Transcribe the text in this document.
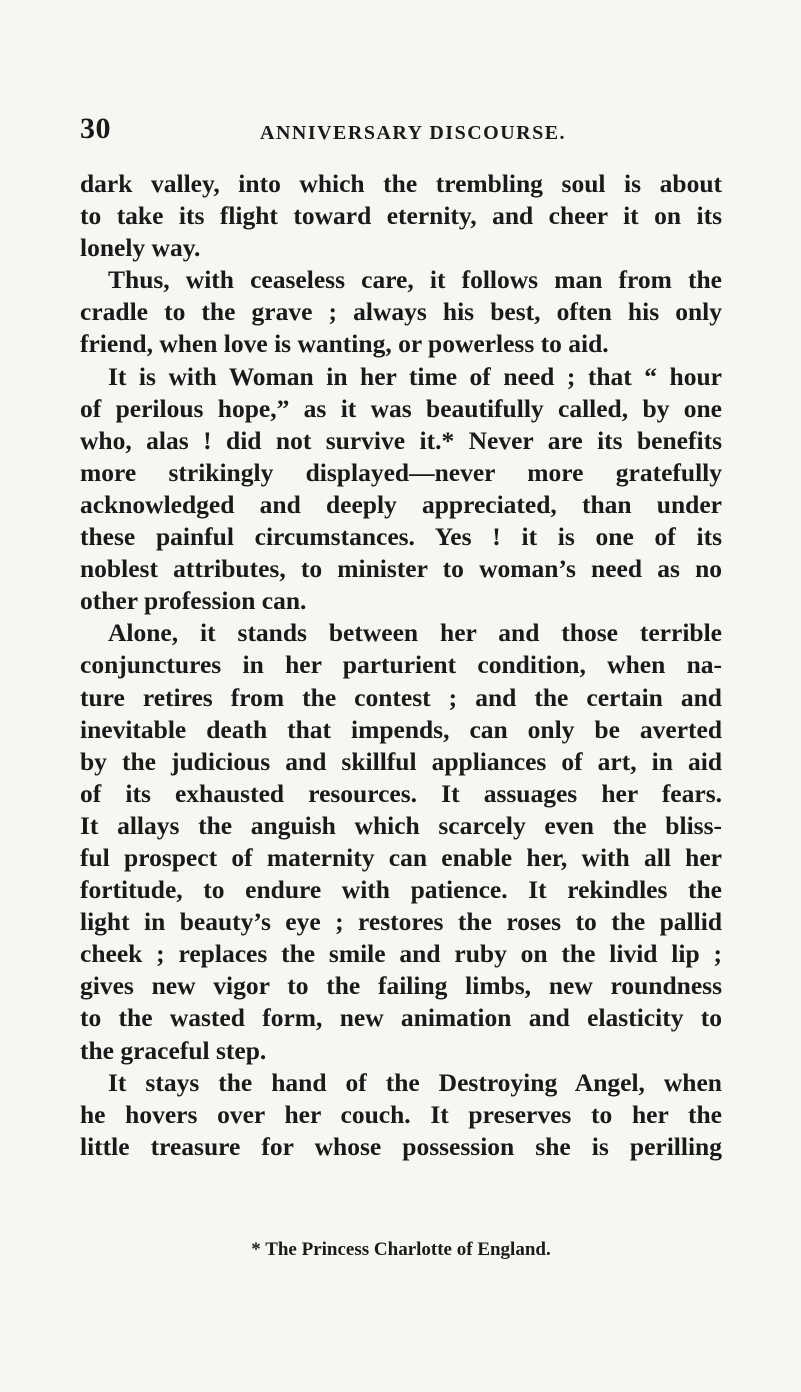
30	ANNIVERSARY DISCOURSE.
dark valley, into which the trembling soul is about
to take its flight toward eternity, and cheer it on its
lonely way.
Thus, with ceaseless care, it follows man from the
cradle to the grave ; always his best, often his only
friend, when love is wanting, or powerless to aid.
It is with Woman in her time of need ; that “ hour
of perilous hope,” as it was beautifully called, by one
who, alas ! did not survive it.* Never are its benefits
more strikingly displayed—never more gratefully
acknowledged and deeply appreciated, than under
these painful circumstances. Yes ! it is one of its
noblest attributes, to minister to woman’s need as no
other profession can.
Alone, it stands between her and those terrible
conjunctures in her parturient condition, when na-
ture retires from the contest ; and the certain and
inevitable death that impends, can only be averted
by the judicious and skillful appliances of art, in aid
of its exhausted resources. It assuages her fears.
It allays the anguish which scarcely even the bliss-
ful prospect of maternity can enable her, with all her
fortitude, to endure with patience. It rekindles the
light in beauty’s eye ; restores the roses to the pallid
cheek ; replaces the smile and ruby on the livid lip ;
gives new vigor to the failing limbs, new roundness
to the wasted form, new animation and elasticity to
the graceful step.
It stays the hand of the Destroying Angel, when
he hovers over her couch. It preserves to her the
little treasure for whose possession she is perilling
* The Princess Charlotte of England.
